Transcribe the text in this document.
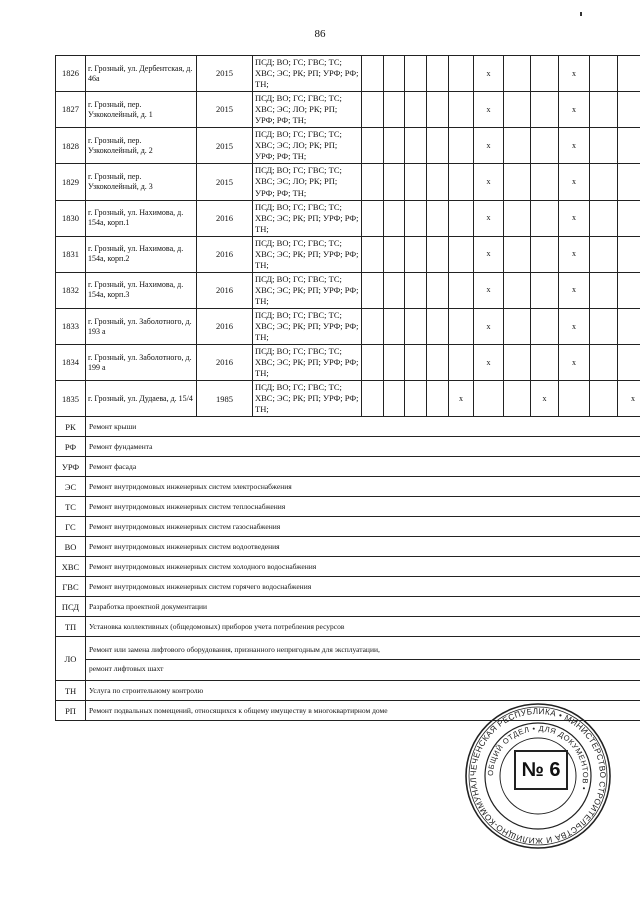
86
1826	г. Грозный, ул. Дербентская, д. 46а	2015	ПСД; ВО; ГС; ГВС; ТС; ХВС; ЭС; РК; РП; УРФ; РФ; ТН;						x			x		
1827	г. Грозный, пер. Узкоколейный, д. 1	2015	ПСД; ВО; ГС; ГВС; ТС; ХВС; ЭС; ЛО; РК; РП; УРФ; РФ; ТН;						x			x		
1828	г. Грозный, пер. Узкоколейный, д. 2	2015	ПСД; ВО; ГС; ГВС; ТС; ХВС; ЭС; ЛО; РК; РП; УРФ; РФ; ТН;						x			x		
1829	г. Грозный, пер. Узкоколейный, д. 3	2015	ПСД; ВО; ГС; ГВС; ТС; ХВС; ЭС; ЛО; РК; РП; УРФ; РФ; ТН;						x			x		
1830	г. Грозный, ул. Нахимова, д. 154а, корп.1	2016	ПСД; ВО; ГС; ГВС; ТС; ХВС; ЭС; РК; РП; УРФ; РФ; ТН;						x			x		
1831	г. Грозный, ул. Нахимова, д. 154а, корп.2	2016	ПСД; ВО; ГС; ГВС; ТС; ХВС; ЭС; РК; РП; УРФ; РФ; ТН;						x			x		
1832	г. Грозный, ул. Нахимова, д. 154а, корп.3	2016	ПСД; ВО; ГС; ГВС; ТС; ХВС; ЭС; РК; РП; УРФ; РФ; ТН;						x			x		
1833	г. Грозный, ул. Заболотного, д. 193 а	2016	ПСД; ВО; ГС; ГВС; ТС; ХВС; ЭС; РК; РП; УРФ; РФ; ТН;						x			x		
1834	г. Грозный, ул. Заболотного, д. 199 а	2016	ПСД; ВО; ГС; ГВС; ТС; ХВС; ЭС; РК; РП; УРФ; РФ; ТН;						x			x		
1835	г. Грозный, ул. Дудаева, д. 15/4	1985	ПСД; ВО; ГС; ГВС; ТС; ХВС; ЭС; РК; РП; УРФ; РФ; ТН;					x			x			x
РК	Ремонт крыши													
РФ	Ремонт фундамента													
УРФ	Ремонт фасада													
ЭС	Ремонт внутридомовых инженерных систем электроснабжения													
ТС	Ремонт внутридомовых инженерных систем теплоснабжения													
ГС	Ремонт внутридомовых инженерных систем газоснабжения													
ВО	Ремонт внутридомовых инженерных систем водоотведения													
ХВС	Ремонт внутридомовых инженерных систем холодного водоснабжения													
ГВС	Ремонт внутридомовых инженерных систем горячего водоснабжения													
ПСД	Разработка проектной документации													
ТП	Установка коллективных (общедомовых) приборов учета потребления ресурсов													
ЛО	Ремонт или замена лифтового оборудования, признанного непригодным для эксплуатации,
ремонт лифтовых шахт													

ТН	Услуга по строительному контролю													
РП	Ремонт подвальных помещений, относящихся к общему имуществу в многоквартирном доме													
ЧЕЧЕНСКАЯ РЕСПУБЛИКА • МИНИСТЕРСТВО СТРОИТЕЛЬСТВА И ЖИЛИЩНО-КОММУНАЛ
ОБЩИЙ ОТДЕЛ • ДЛЯ ДОКУМЕНТОВ •
№ 6
